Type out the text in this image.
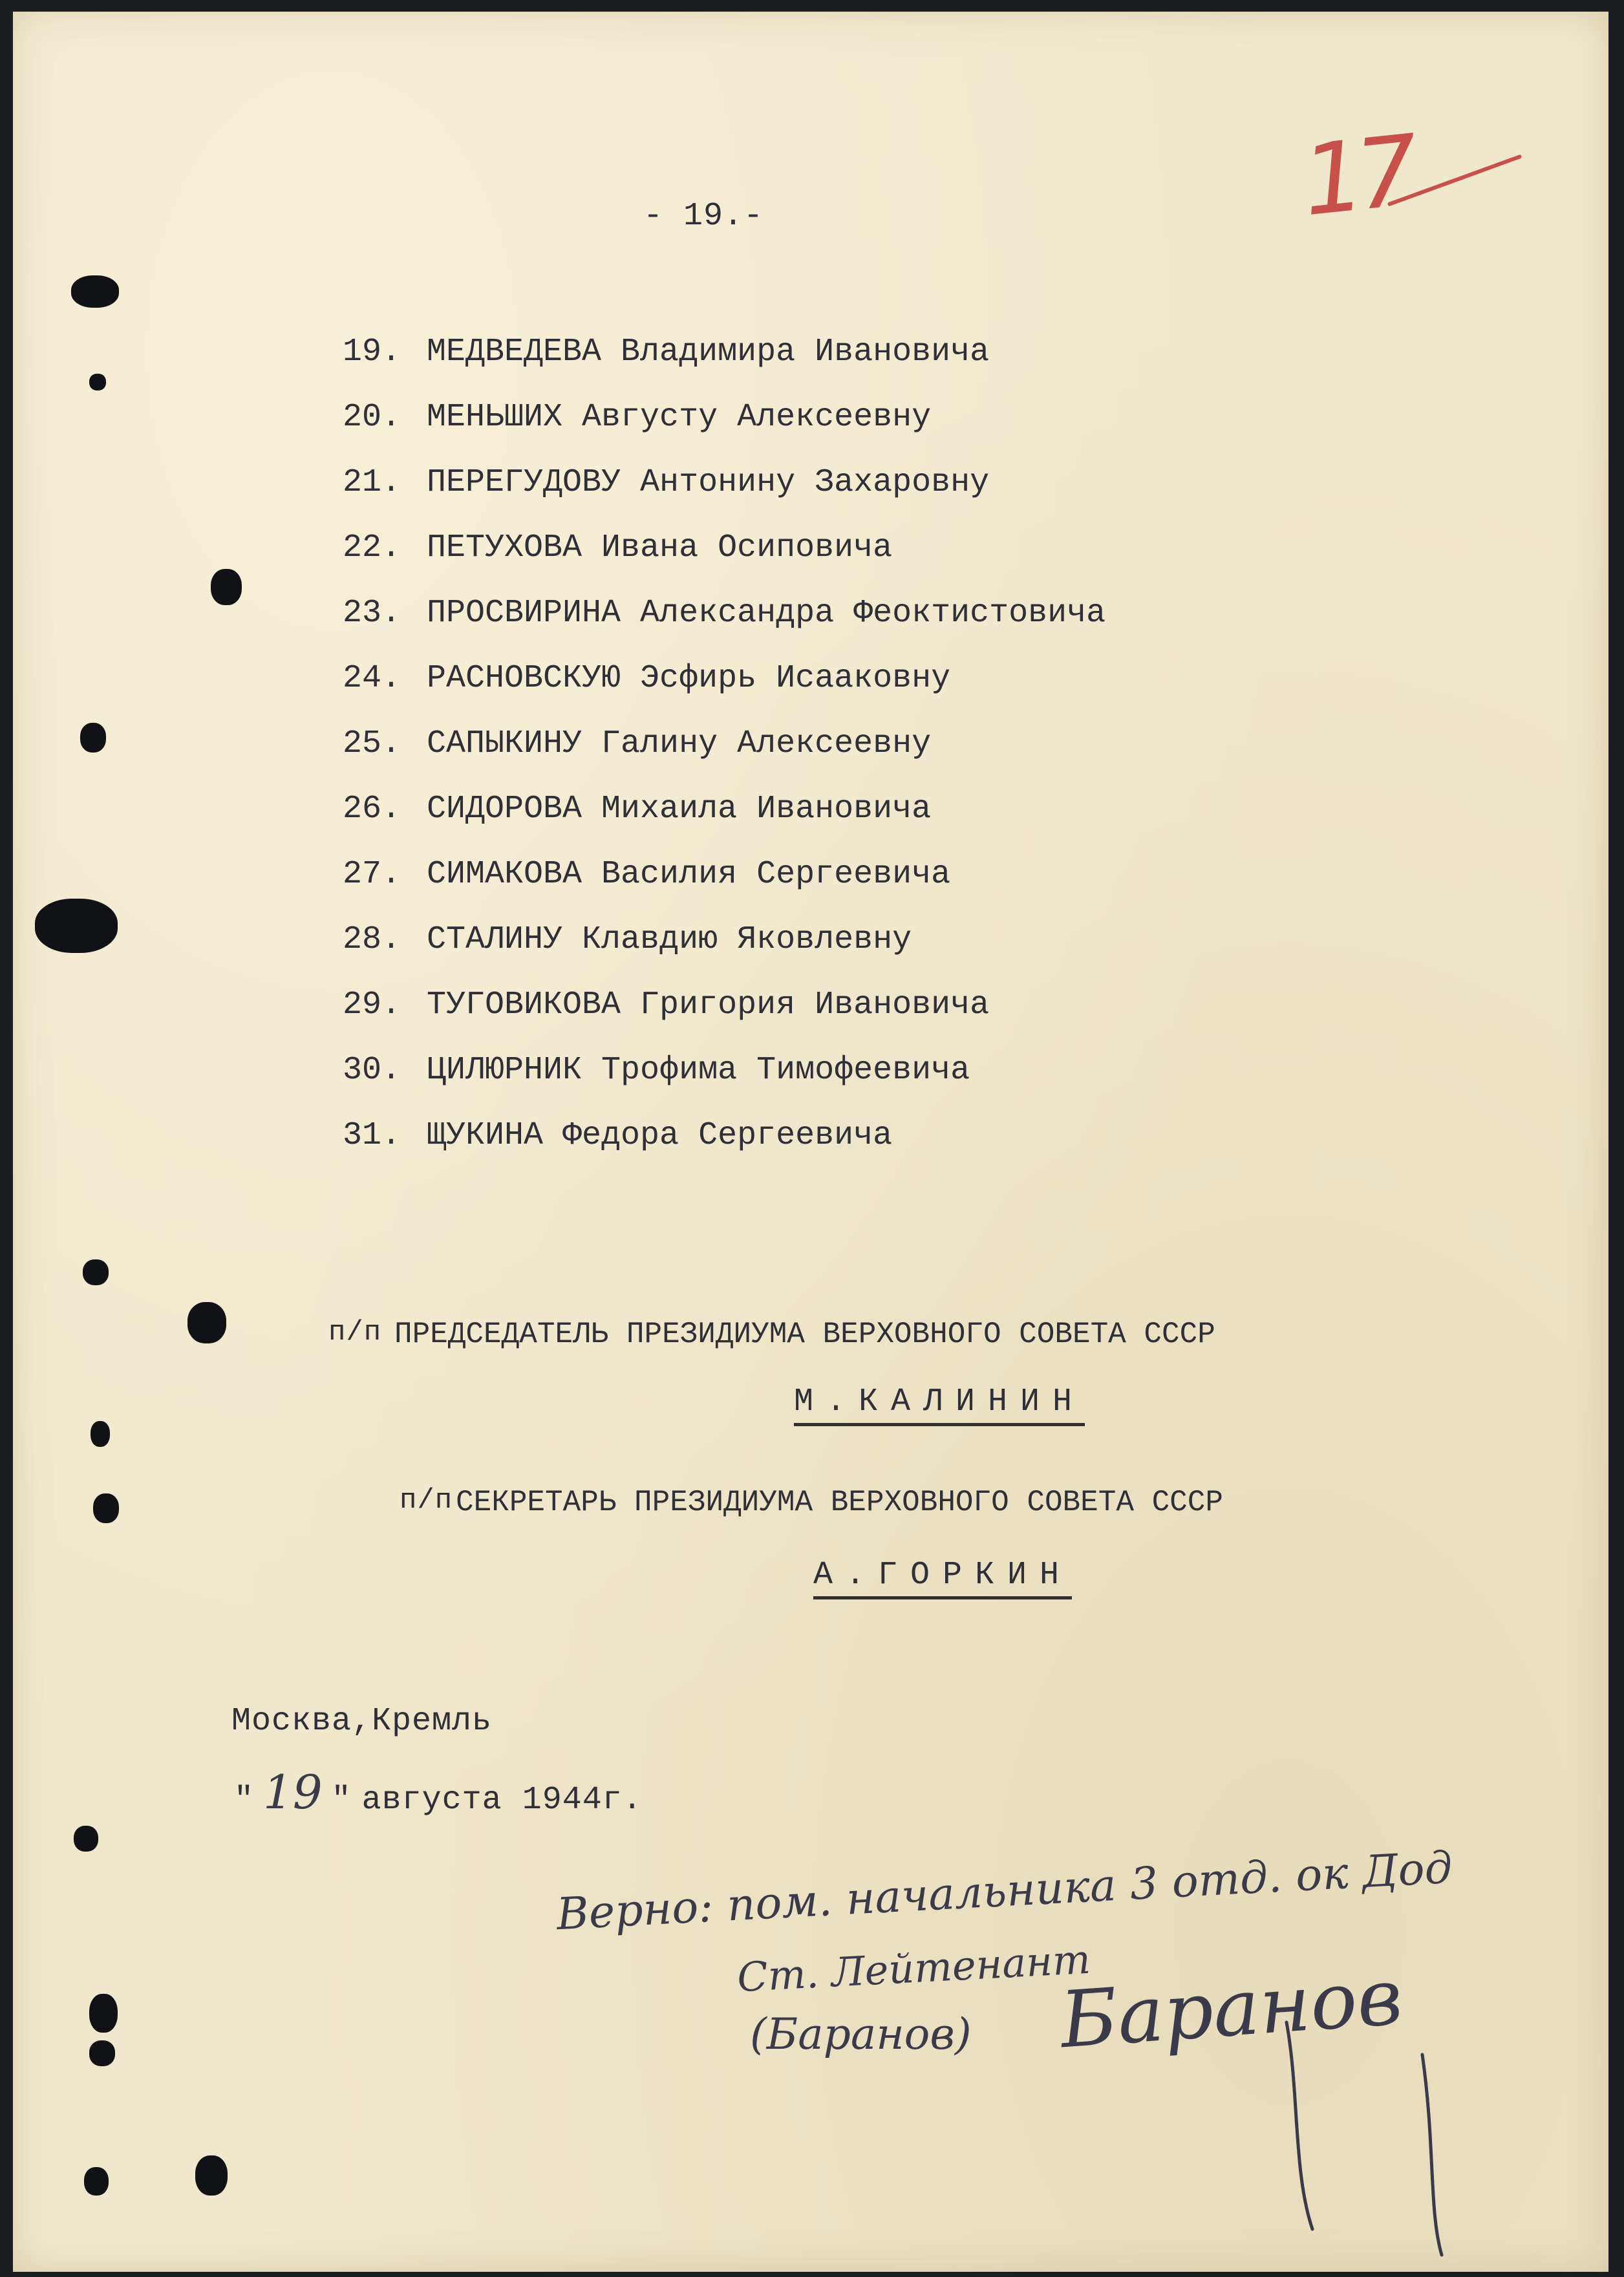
17
- 19.-
19. МЕДВЕДЕВА Владимира Ивановича
20. МЕНЬШИХ Августу Алексеевну
21. ПЕРЕГУДОВУ Антонину Захаровну
22. ПЕТУХОВА Ивана Осиповича
23. ПРОСВИРИНА Александра Феоктистовича
24. РАСНОВСКУЮ Эсфирь Исааковну
25. САПЫКИНУ Галину Алексеевну
26. СИДОРОВА Михаила Ивановича
27. СИМАКОВА Василия Сергеевича
28. СТАЛИНУ Клавдию Яковлевну
29. ТУГОВИКОВА Григория Ивановича
30. ЦИЛЮРНИК Трофима Тимофеевича
31. ЩУКИНА Федора Сергеевича
п/п ПРЕДСЕДАТЕЛЬ ПРЕЗИДИУМА ВЕРХОВНОГО СОВЕТА СССР
М.КАЛИНИН
п/п СЕКРЕТАРЬ ПРЕЗИДИУМА ВЕРХОВНОГО СОВЕТА СССР
А.ГОРКИН
Москва,Кремль
" 19 " августа 1944г.
Верно: пом. начальника 3 отд. ок Дод
Ст. Лейтенант
(Баранов) Баранов
